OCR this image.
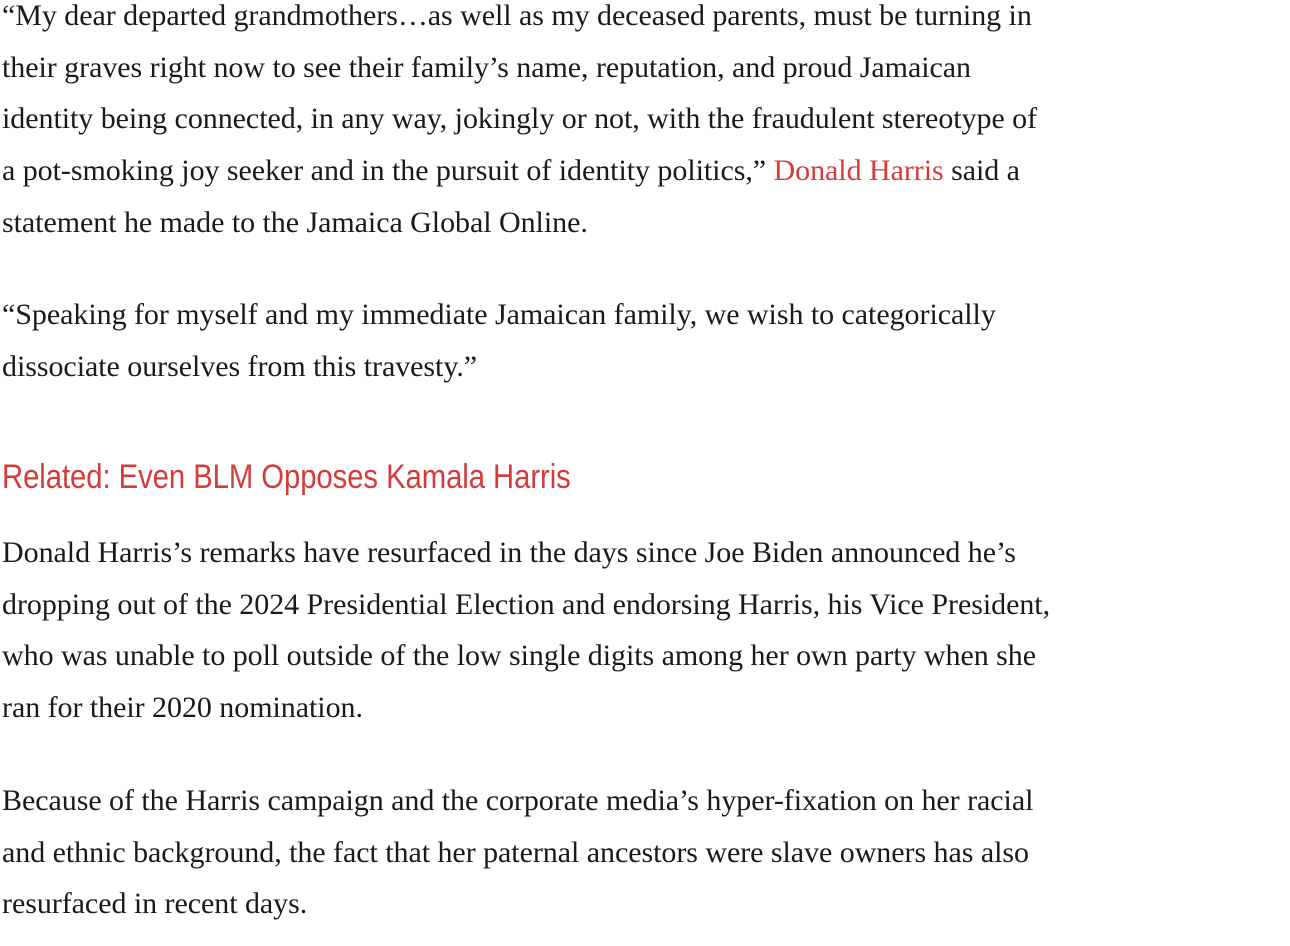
“My dear departed grandmothers…as well as my deceased parents, must be turning in
their graves right now to see their family’s name, reputation, and proud Jamaican
identity being connected, in any way, jokingly or not, with the fraudulent stereotype of
a pot-smoking joy seeker and in the pursuit of identity politics,” Donald Harris said a
statement he made to the Jamaica Global Online.

“Speaking for myself and my immediate Jamaican family, we wish to categorically
dissociate ourselves from this travesty.”

Related: Even BLM Opposes Kamala Harris

Donald Harris’s remarks have resurfaced in the days since Joe Biden announced he’s
dropping out of the 2024 Presidential Election and endorsing Harris, his Vice President,
who was unable to poll outside of the low single digits among her own party when she
ran for their 2020 nomination.

Because of the Harris campaign and the corporate media’s hyper-fixation on her racial
and ethnic background, the fact that her paternal ancestors were slave owners has also
resurfaced in recent days.
